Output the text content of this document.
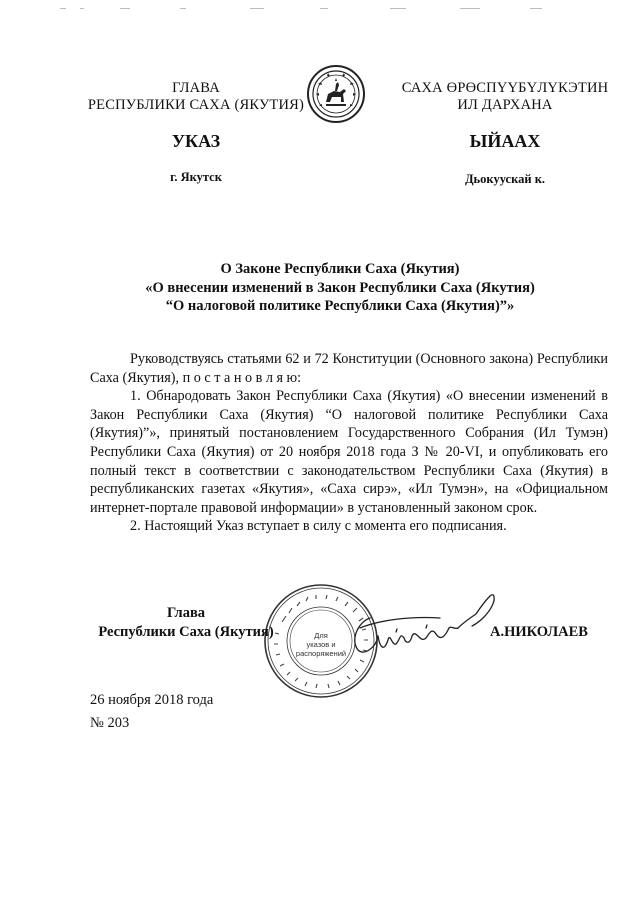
ГЛАВА
РЕСПУБЛИКИ САХА (ЯКУТИЯ)
САХА ӨРӨСПҮҮБҮЛҮКЭТИН
ИЛ ДАРХАНА
УКАЗ	ЫЙААХ
г. Якутск	Дьокуускай к.
О Законе Республики Саха (Якутия)
«О внесении изменений в Закон Республики Саха (Якутия)
“О налоговой политике Республики Саха (Якутия)”»

Руководствуясь статьями 62 и 72 Конституции (Основного закона) Республики Саха (Якутия), п о с т а н о в л я ю:

1. Обнародовать Закон Республики Саха (Якутия) «О внесении изменений в Закон Республики Саха (Якутия) “О налоговой политике Республики Саха (Якутия)”», принятый постановлением Государственного Собрания (Ил Тумэн) Республики Саха (Якутия) от 20 ноября 2018 года З № 20-VI, и опубликовать его полный текст в соответствии с законодательством Республики Саха (Якутия) в республиканских газетах «Якутия», «Саха сирэ», «Ил Тумэн», на «Официальном интернет-портале правовой информации» в установленный законом срок.

2. Настоящий Указ вступает в силу с момента его подписания.

Для
указов и
распоряжений
Глава
Республики Саха (Якутия)	А.НИКОЛАЕВ
26 ноября 2018 года
№ 203
